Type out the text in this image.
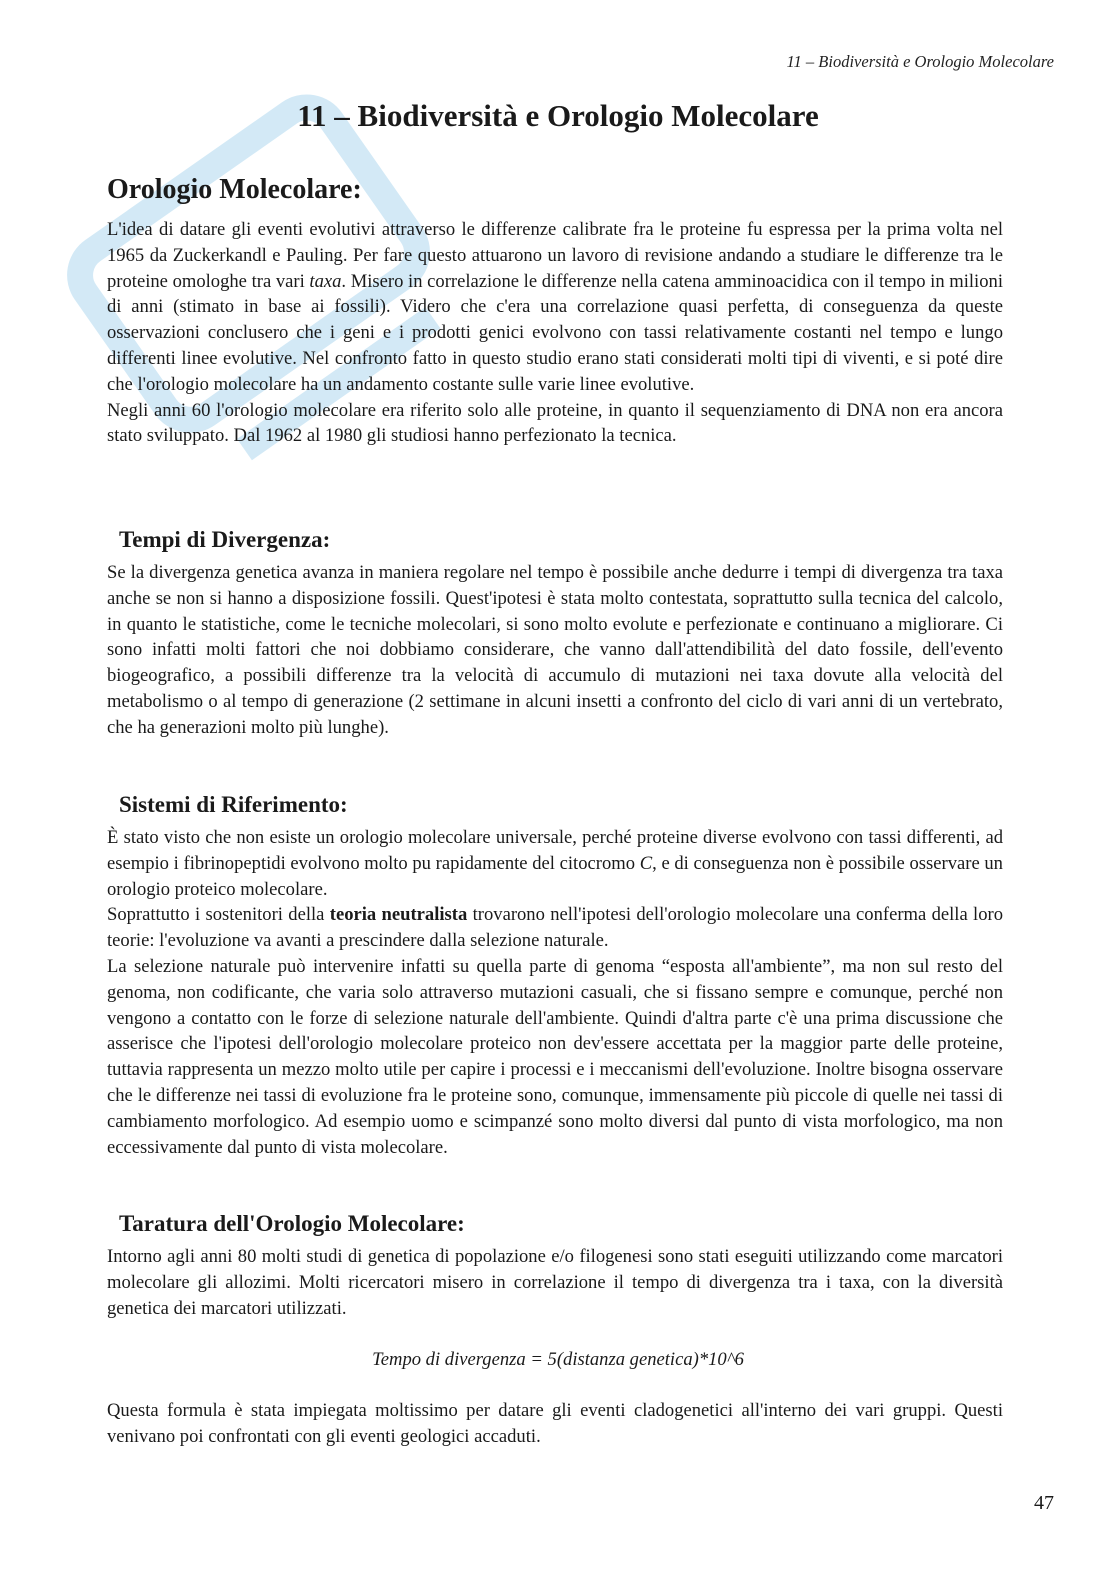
11 – Biodiversità e Orologio Molecolare
11 – Biodiversità e Orologio Molecolare
Orologio Molecolare:

L'idea di datare gli eventi evolutivi attraverso le differenze calibrate fra le proteine fu espressa per la prima volta nel 1965 da Zuckerkandl e Pauling. Per fare questo attuarono un lavoro di revisione andando a studiare le differenze tra le proteine omologhe tra vari taxa. Misero in correlazione le differenze nella catena amminoacidica con il tempo in milioni di anni (stimato in base ai fossili). Videro che c'era una correlazione quasi perfetta, di conseguenza da queste osservazioni conclusero che i geni e i prodotti genici evolvono con tassi relativamente costanti nel tempo e lungo differenti linee evolutive. Nel confronto fatto in questo studio erano stati considerati molti tipi di viventi, e si poté dire che l'orologio molecolare ha un andamento costante sulle varie linee evolutive.
Negli anni 60 l'orologio molecolare era riferito solo alle proteine, in quanto il sequenziamento di DNA non era ancora stato sviluppato. Dal 1962 al 1980 gli studiosi hanno perfezionato la tecnica.

Tempi di Divergenza:

Se la divergenza genetica avanza in maniera regolare nel tempo è possibile anche dedurre i tempi di divergenza tra taxa anche se non si hanno a disposizione fossili. Quest'ipotesi è stata molto contestata, soprattutto sulla tecnica del calcolo, in quanto le statistiche, come le tecniche molecolari, si sono molto evolute e perfezionate e continuano a migliorare. Ci sono infatti molti fattori che noi dobbiamo considerare, che vanno dall'attendibilità del dato fossile, dell'evento biogeografico, a possibili differenze tra la velocità di accumulo di mutazioni nei taxa dovute alla velocità del metabolismo o al tempo di generazione (2 settimane in alcuni insetti a confronto del ciclo di vari anni di un vertebrato, che ha generazioni molto più lunghe).

Sistemi di Riferimento:

È stato visto che non esiste un orologio molecolare universale, perché proteine diverse evolvono con tassi differenti, ad esempio i fibrinopeptidi evolvono molto pu rapidamente del citocromo C, e di conseguenza non è possibile osservare un orologio proteico molecolare.
Soprattutto i sostenitori della teoria neutralista trovarono nell'ipotesi dell'orologio molecolare una conferma della loro teorie: l'evoluzione va avanti a prescindere dalla selezione naturale.
La selezione naturale può intervenire infatti su quella parte di genoma “esposta all'ambiente”, ma non sul resto del genoma, non codificante, che varia solo attraverso mutazioni casuali, che si fissano sempre e comunque, perché non vengono a contatto con le forze di selezione naturale dell'ambiente. Quindi d'altra parte c'è una prima discussione che asserisce che l'ipotesi dell'orologio molecolare proteico non dev'essere accettata per la maggior parte delle proteine, tuttavia rappresenta un mezzo molto utile per capire i processi e i meccanismi dell'evoluzione. Inoltre bisogna osservare che le differenze nei tassi di evoluzione fra le proteine sono, comunque, immensamente più piccole di quelle nei tassi di cambiamento morfologico. Ad esempio uomo e scimpanzé sono molto diversi dal punto di vista morfologico, ma non eccessivamente dal punto di vista molecolare.

Taratura dell'Orologio Molecolare:

Intorno agli anni 80 molti studi di genetica di popolazione e/o filogenesi sono stati eseguiti utilizzando come marcatori molecolare gli allozimi. Molti ricercatori misero in correlazione il tempo di divergenza tra i taxa, con la diversità genetica dei marcatori utilizzati.

Tempo di divergenza = 5(distanza genetica)*10^6

Questa formula è stata impiegata moltissimo per datare gli eventi cladogenetici all'interno dei vari gruppi. Questi venivano poi confrontati con gli eventi geologici accaduti.

47
